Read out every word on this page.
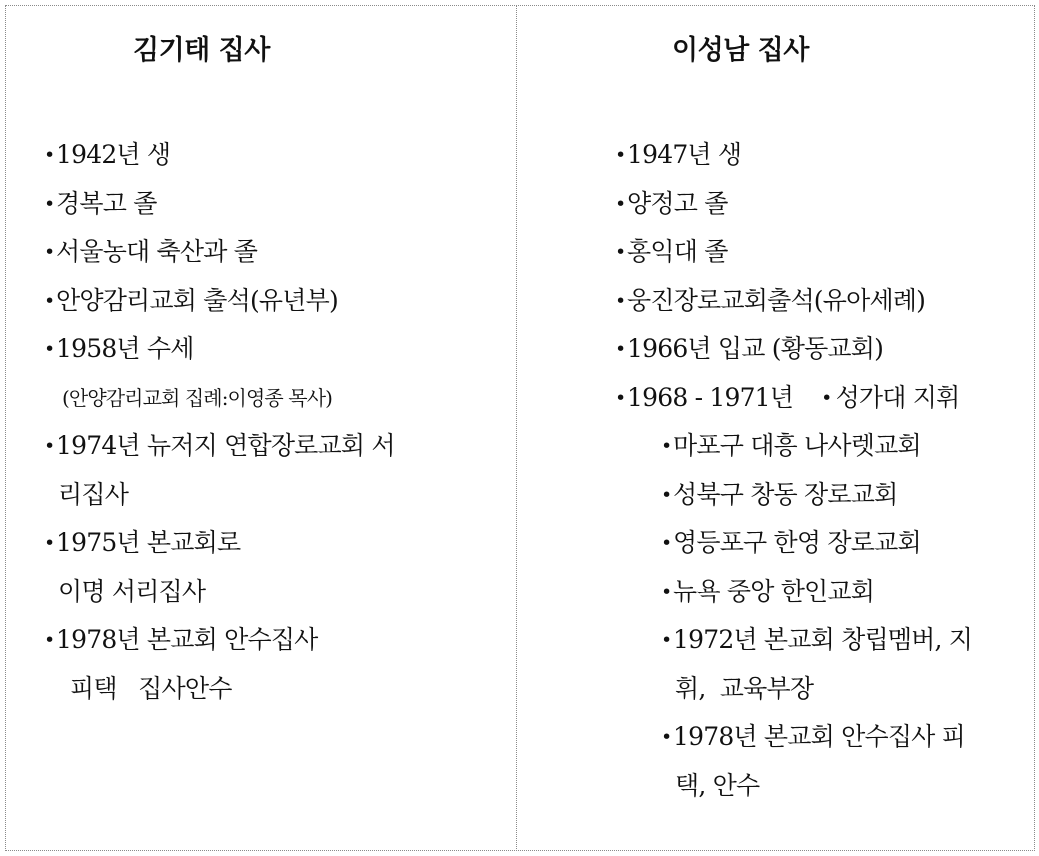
김기태 집사
•1942년 생
•경복고 졸
•서울농대 축산과 졸
•안양감리교회 출석(유년부)
•1958년 수세
(안양감리교회 집례:이영종 목사)
•1974년 뉴저지 연합장로교회 서
리집사
•1975년 본교회로
이명 서리집사
•1978년 본교회 안수집사
피택   집사안수
이성남 집사
•1947년 생
•양정고 졸
•홍익대 졸
•웅진장로교회출석(유아세례)
•1966년 입교 (황동교회)
•1968 - 1971년 • 성가대 지휘
•마포구 대흥 나사렛교회
•성북구 창동 장로교회
•영등포구 한영 장로교회
•뉴욕 중앙 한인교회
•1972년 본교회 창립멤버, 지
휘,  교육부장
•1978년 본교회 안수집사 피
택, 안수
